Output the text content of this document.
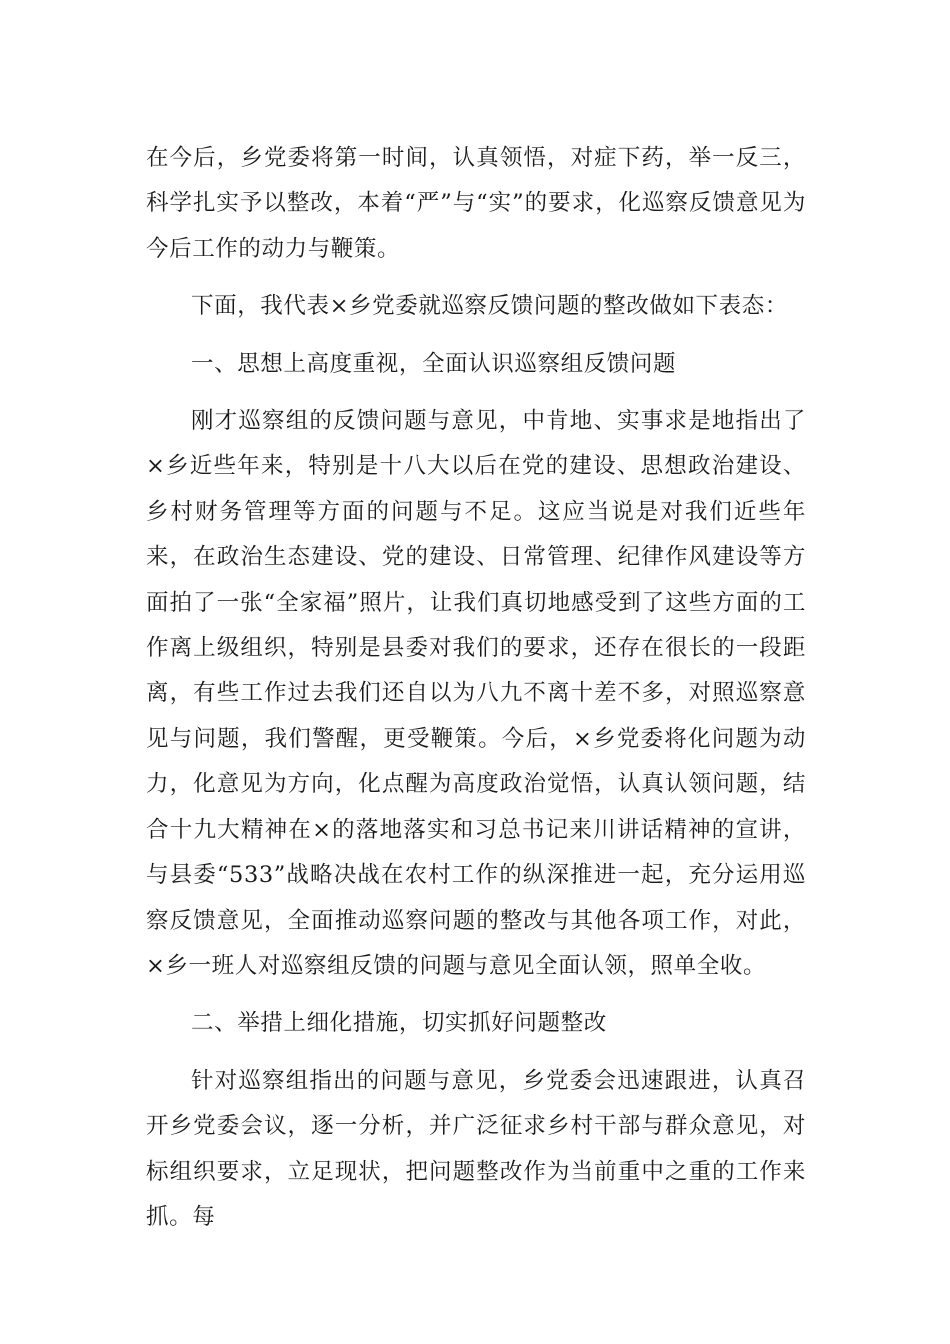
在今后，乡党委将第一时间，认真领悟，对症下药，举一反三，科学扎实予以整改，本着“严”与“实”的要求，化巡察反馈意见为今后工作的动力与鞭策。

下面，我代表×乡党委就巡察反馈问题的整改做如下表态：

一、思想上高度重视，全面认识巡察组反馈问题

刚才巡察组的反馈问题与意见，中肯地、实事求是地指出了×乡近些年来，特别是十八大以后在党的建设、思想政治建设、乡村财务管理等方面的问题与不足。这应当说是对我们近些年来，在政治生态建设、党的建设、日常管理、纪律作风建设等方面拍了一张“全家福”照片，让我们真切地感受到了这些方面的工作离上级组织，特别是县委对我们的要求，还存在很长的一段距离，有些工作过去我们还自以为八九不离十差不多，对照巡察意见与问题，我们警醒，更受鞭策。今后，×乡党委将化问题为动力，化意见为方向，化点醒为高度政治觉悟，认真认领问题，结合十九大精神在×的落地落实和习总书记来川讲话精神的宣讲，与县委“533”战略决战在农村工作的纵深推进一起，充分运用巡察反馈意见，全面推动巡察问题的整改与其他各项工作，对此，×乡一班人对巡察组反馈的问题与意见全面认领，照单全收。

二、举措上细化措施，切实抓好问题整改

针对巡察组指出的问题与意见，乡党委会迅速跟进，认真召开乡党委会议，逐一分析，并广泛征求乡村干部与群众意见，对标组织要求，立足现状，把问题整改作为当前重中之重的工作来抓。每
